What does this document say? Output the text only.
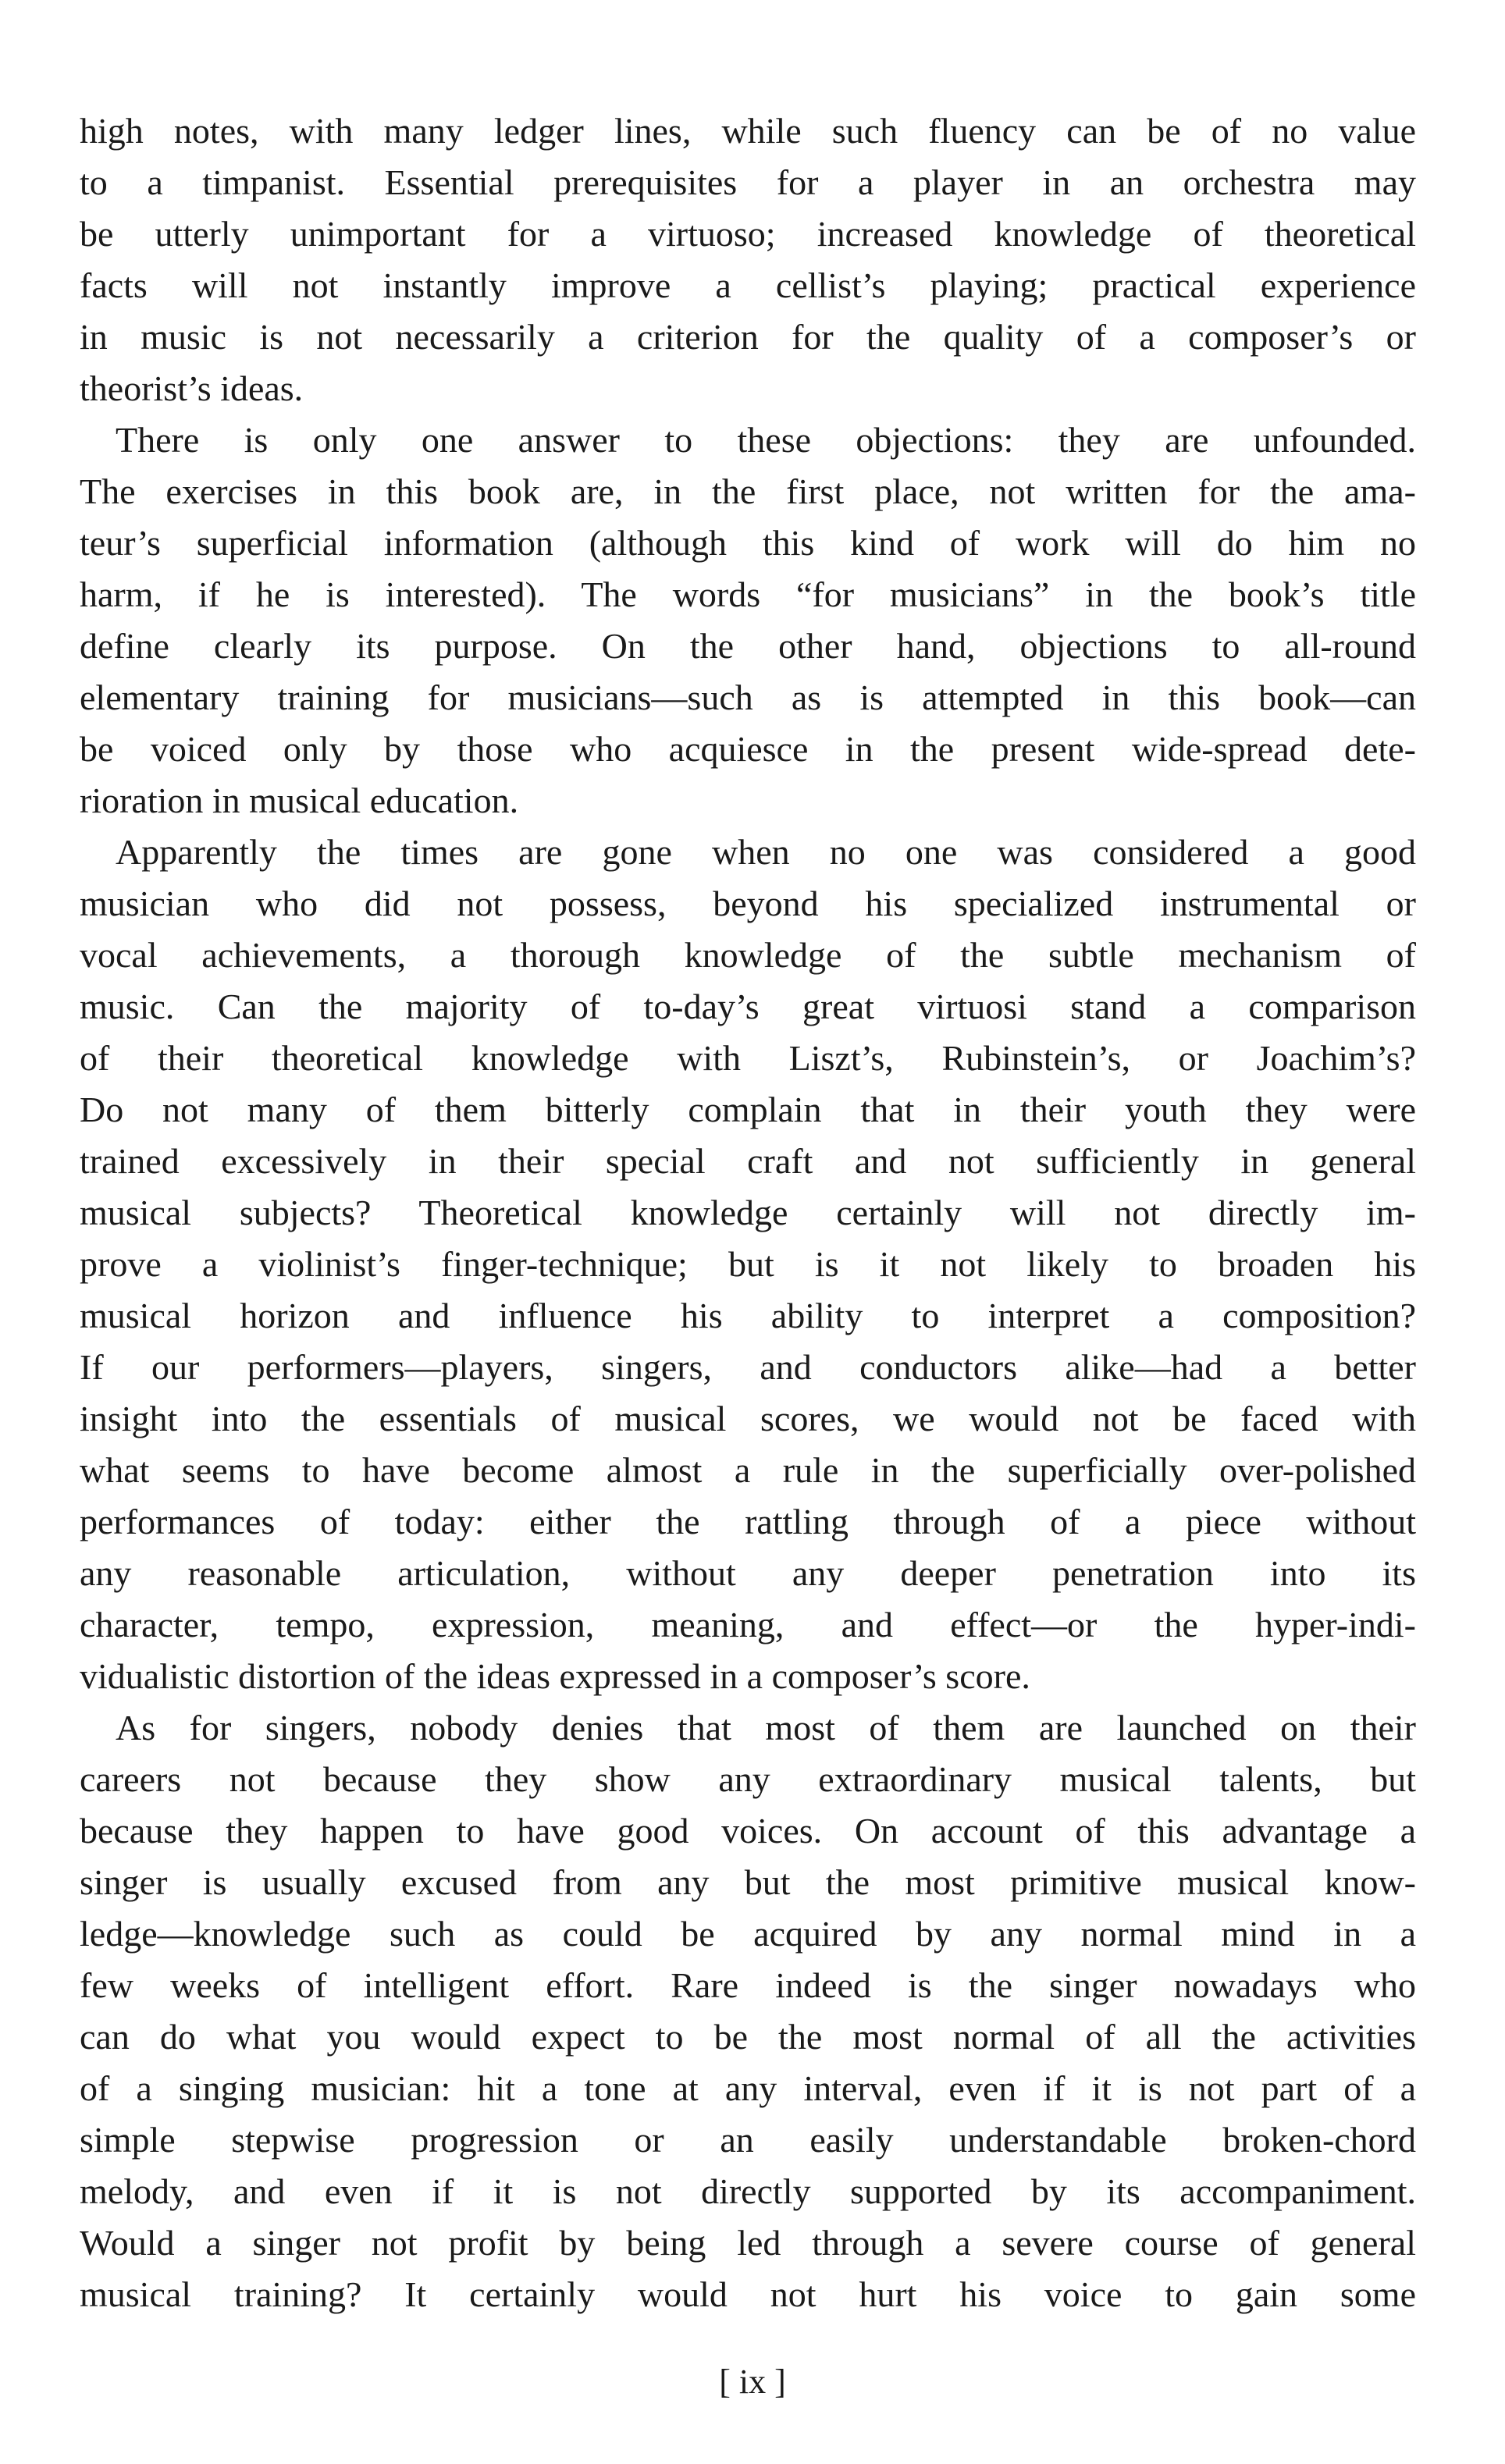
high notes, with many ledger lines, while such fluency can be of no value
to a timpanist. Essential prerequisites for a player in an orchestra may
be utterly unimportant for a virtuoso; increased knowledge of theoretical
facts will not instantly improve a cellist’s playing; practical experience
in music is not necessarily a criterion for the quality of a composer’s or
theorist’s ideas.
There is only one answer to these objections: they are unfounded.
The exercises in this book are, in the first place, not written for the ama-
teur’s superficial information (although this kind of work will do him no
harm, if he is interested). The words “for musicians” in the book’s title
define clearly its purpose. On the other hand, objections to all-round
elementary training for musicians—such as is attempted in this book—can
be voiced only by those who acquiesce in the present wide-spread dete-
rioration in musical education.
Apparently the times are gone when no one was considered a good
musician who did not possess, beyond his specialized instrumental or
vocal achievements, a thorough knowledge of the subtle mechanism of
music. Can the majority of to-day’s great virtuosi stand a comparison
of their theoretical knowledge with Liszt’s, Rubinstein’s, or Joachim’s?
Do not many of them bitterly complain that in their youth they were
trained excessively in their special craft and not sufficiently in general
musical subjects? Theoretical knowledge certainly will not directly im-
prove a violinist’s finger-technique; but is it not likely to broaden his
musical horizon and influence his ability to interpret a composition?
If our performers—players, singers, and conductors alike—had a better
insight into the essentials of musical scores, we would not be faced with
what seems to have become almost a rule in the superficially over-polished
performances of today: either the rattling through of a piece without
any reasonable articulation, without any deeper penetration into its
character, tempo, expression, meaning, and effect—or the hyper-indi-
vidualistic distortion of the ideas expressed in a composer’s score.
As for singers, nobody denies that most of them are launched on their
careers not because they show any extraordinary musical talents, but
because they happen to have good voices. On account of this advantage a
singer is usually excused from any but the most primitive musical know-
ledge—knowledge such as could be acquired by any normal mind in a
few weeks of intelligent effort. Rare indeed is the singer nowadays who
can do what you would expect to be the most normal of all the activities
of a singing musician: hit a tone at any interval, even if it is not part of a
simple stepwise progression or an easily understandable broken-chord
melody, and even if it is not directly supported by its accompaniment.
Would a singer not profit by being led through a severe course of general
musical training? It certainly would not hurt his voice to gain some
[ ix ]
